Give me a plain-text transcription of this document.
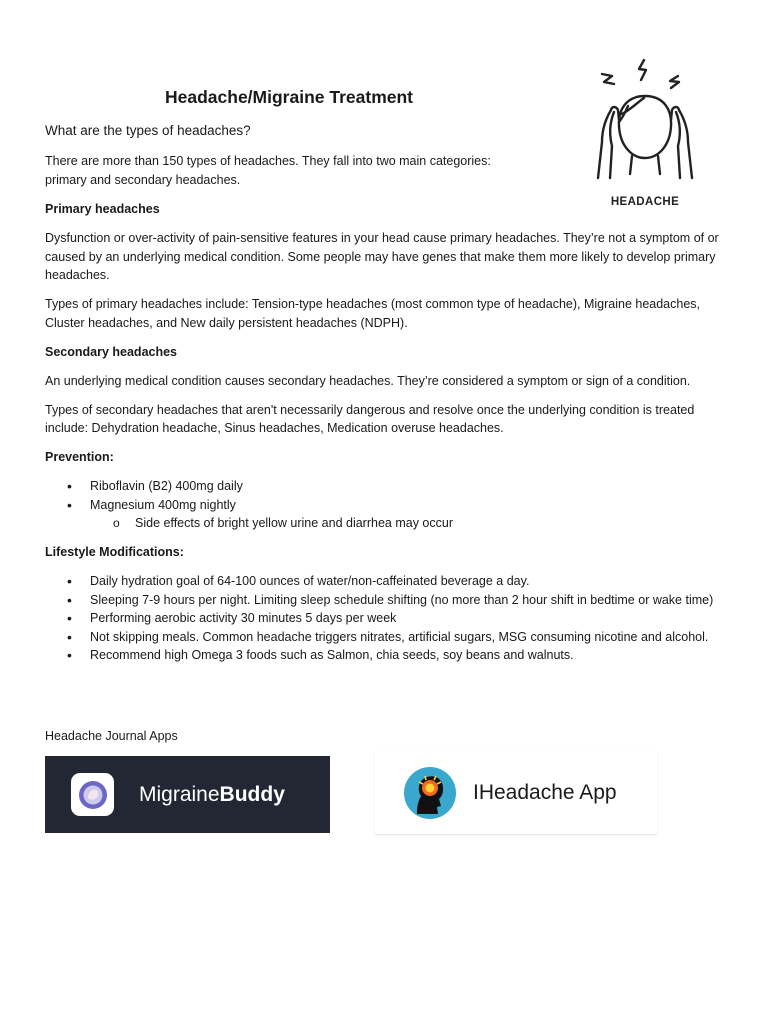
Headache/Migraine Treatment

What are the types of headaches?

There are more than 150 types of headaches. They fall into two main categories: primary and secondary headaches.

HEADACHE
Primary headaches

Dysfunction or over-activity of pain-sensitive features in your head cause primary headaches. They’re not a symptom of or caused by an underlying medical condition. Some people may have genes that make them more likely to develop primary headaches.

Types of primary headaches include: Tension-type headaches (most common type of headache), Migraine headaches, Cluster headaches, and New daily persistent headaches (NDPH).

Secondary headaches

An underlying medical condition causes secondary headaches. They’re considered a symptom or sign of a condition.

Types of secondary headaches that aren't necessarily dangerous and resolve once the underlying condition is treated include: Dehydration headache, Sinus headaches, Medication overuse headaches.

Prevention:
• Riboflavin (B2) 400mg daily
• Magnesium 400mg nightly
o Side effects of bright yellow urine and diarrhea may occur
Lifestyle Modifications:
• Daily hydration goal of 64-100 ounces of water/non-caffeinated beverage a day.
• Sleeping 7-9 hours per night. Limiting sleep schedule shifting (no more than 2 hour shift in bedtime or wake time)
• Performing aerobic activity 30 minutes 5 days per week
• Not skipping meals. Common headache triggers nitrates, artificial sugars, MSG consuming nicotine and alcohol.
• Recommend high Omega 3 foods such as Salmon, chia seeds, soy beans and walnuts.

Headache Journal Apps

MigraineBuddy	IHeadache App
